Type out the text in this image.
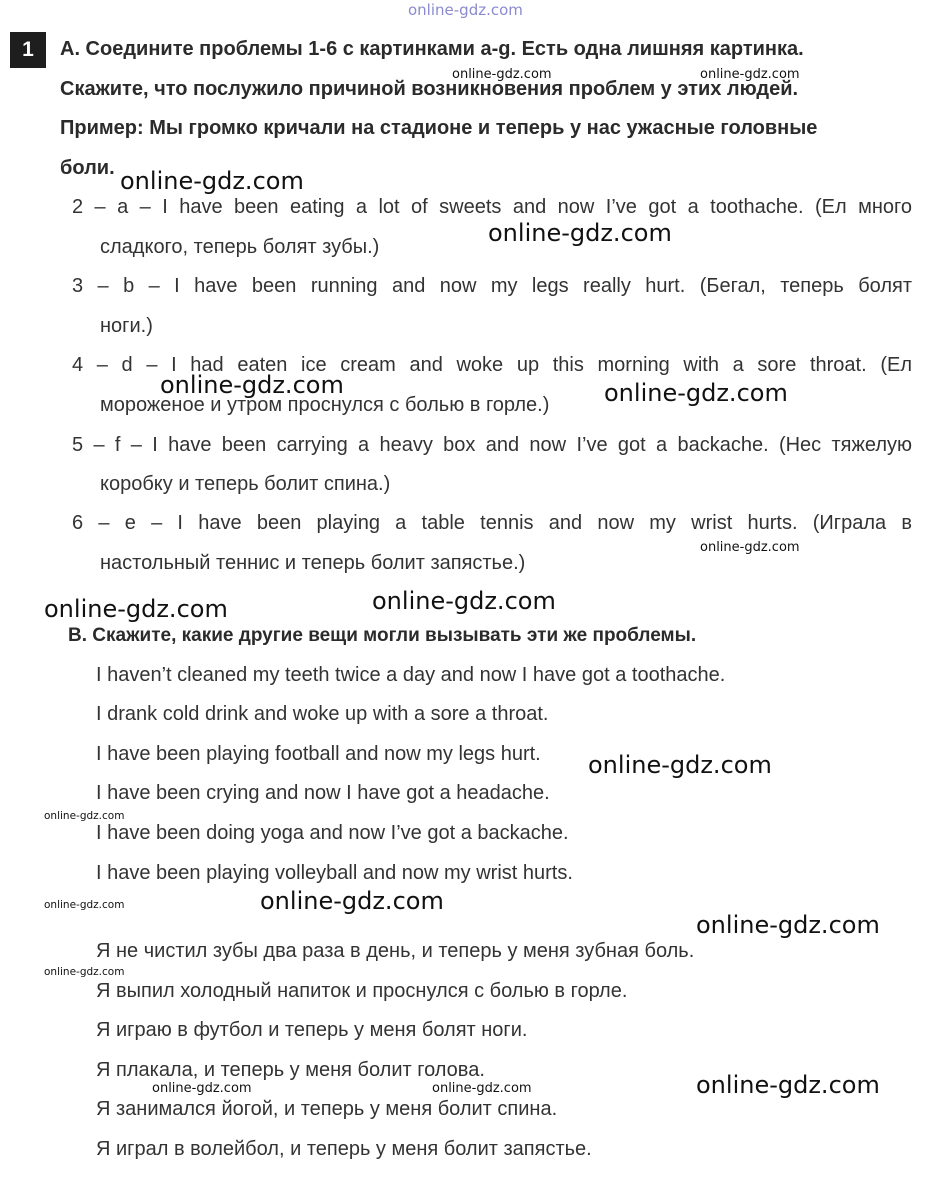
1	A. Соедините проблемы 1-6 с картинками a-g. Есть одна лишняя картинка.
Скажите, что послужило причиной возникновения проблем у этих людей.
Пример: Мы громко кричали на стадионе и теперь у нас ужасные головные
боли.
2 – a – I have been eating a lot of sweets and now I’ve got a toothache. (Ел много
сладкого, теперь болят зубы.)
3 – b – I have been running and now my legs really hurt. (Бегал, теперь болят
ноги.)
4 – d – I had eaten ice cream and woke up this morning with a sore throat. (Ел
мороженое и утром проснулся с болью в горле.)
5 – f – I have been carrying a heavy box and now I’ve got a backache. (Нес тяжелую
коробку и теперь болит спина.)
6 – e – I have been playing a table tennis and now my wrist hurts. (Играла в
настольный теннис и теперь болит запястье.)
B. Скажите, какие другие вещи могли вызывать эти же проблемы.
I haven’t cleaned my teeth twice a day and now I have got a toothache.
I drank cold drink and woke up with a sore a throat.
I have been playing football and now my legs hurt.
I have been crying and now I have got a headache.
I have been doing yoga and now I’ve got a backache.
I have been playing volleyball and now my wrist hurts.
Я не чистил зубы два раза в день, и теперь у меня зубная боль.
Я выпил холодный напиток и проснулся с болью в горле.
Я играю в футбол и теперь у меня болят ноги.
Я плакала, и теперь у меня болит голова.
Я занимался йогой, и теперь у меня болит спина.
Я играл в волейбол, и теперь у меня болит запястье.
online-gdz.com
online-gdz.com	online-gdz.com
online-gdz.com
online-gdz.com
online-gdz.com	online-gdz.com
online-gdz.com
online-gdz.com	online-gdz.com
online-gdz.com
online-gdz.com
online-gdz.com
online-gdz.com
online-gdz.com
online-gdz.com
online-gdz.com	online-gdz.com	online-gdz.com
